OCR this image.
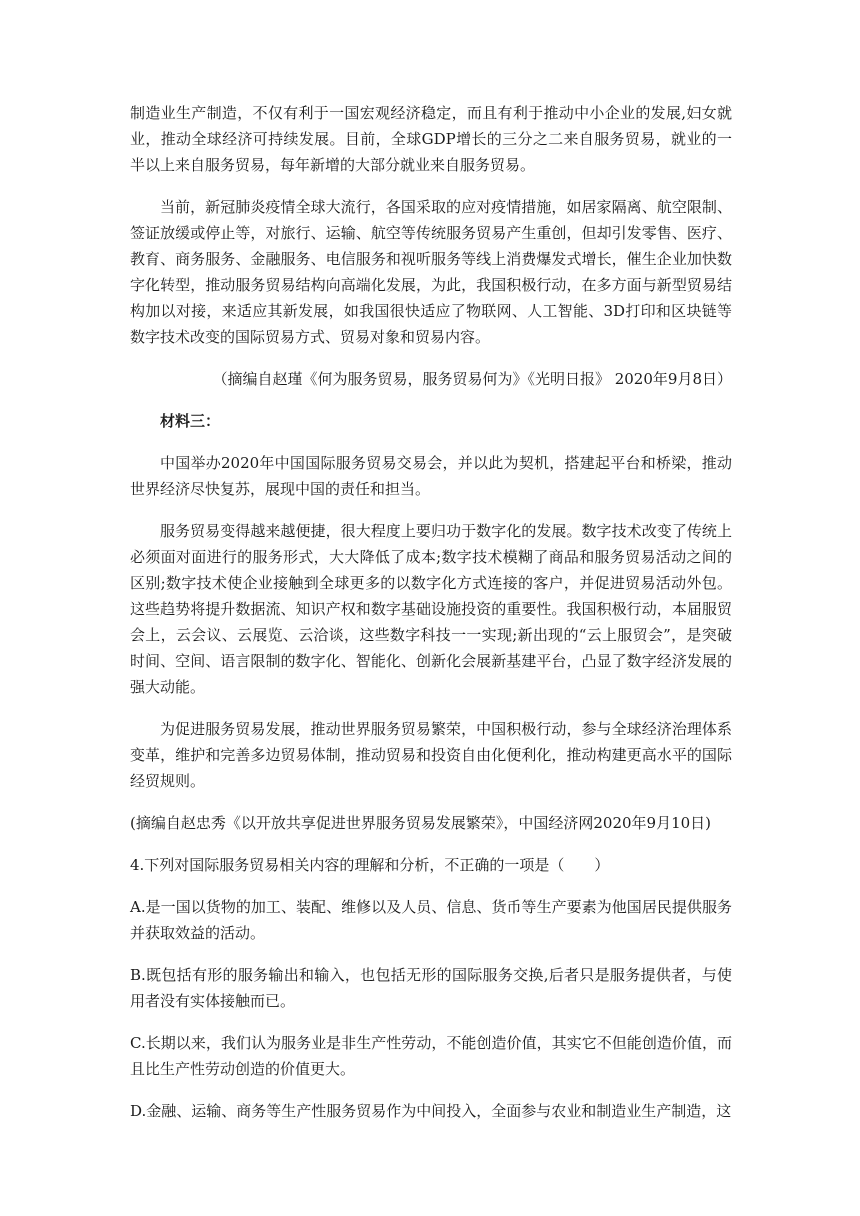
制造业生产制造，不仅有利于一国宏观经济稳定，而且有利于推动中小企业的发展,妇女就业，推动全球经济可持续发展。目前，全球GDP增长的三分之二来自服务贸易，就业的一半以上来自服务贸易，每年新增的大部分就业来自服务贸易。

当前，新冠肺炎疫情全球大流行，各国采取的应对疫情措施，如居家隔离、航空限制、签证放缓或停止等，对旅行、运输、航空等传统服务贸易产生重创，但却引发零售、医疗、教育、商务服务、金融服务、电信服务和视听服务等线上消费爆发式增长，催生企业加快数字化转型，推动服务贸易结构向高端化发展，为此，我国积极行动，在多方面与新型贸易结构加以对接，来适应其新发展，如我国很快适应了物联网、人工智能、3D打印和区块链等数字技术改变的国际贸易方式、贸易对象和贸易内容。

（摘编自赵瑾《何为服务贸易，服务贸易何为》《光明日报》 2020年9月8日）

材料三：

中国举办2020年中国国际服务贸易交易会，并以此为契机，搭建起平台和桥梁，推动世界经济尽快复苏，展现中国的责任和担当。

服务贸易变得越来越便捷，很大程度上要归功于数字化的发展。数字技术改变了传统上必须面对面进行的服务形式，大大降低了成本;数字技术模糊了商品和服务贸易活动之间的区别;数字技术使企业接触到全球更多的以数字化方式连接的客户，并促进贸易活动外包。这些趋势将提升数据流、知识产权和数字基础设施投资的重要性。我国积极行动，本届服贸会上，云会议、云展览、云洽谈，这些数字科技一一实现;新出现的“云上服贸会”，是突破时间、空间、语言限制的数字化、智能化、创新化会展新基建平台，凸显了数字经济发展的强大动能。

为促进服务贸易发展，推动世界服务贸易繁荣，中国积极行动，参与全球经济治理体系变革，维护和完善多边贸易体制，推动贸易和投资自由化便利化，推动构建更高水平的国际经贸规则。

(摘编自赵忠秀《以开放共享促进世界服务贸易发展繁荣》，中国经济网2020年9月10日)

4.下列对国际服务贸易相关内容的理解和分析，不正确的一项是（　　）

A.是一国以货物的加工、装配、维修以及人员、信息、货币等生产要素为他国居民提供服务并获取效益的活动。

B.既包括有形的服务输出和输入，也包括无形的国际服务交换,后者只是服务提供者，与使用者没有实体接触而已。

C.长期以来，我们认为服务业是非生产性劳动，不能创造价值，其实它不但能创造价值，而且比生产性劳动创造的价值更大。

D.金融、运输、商务等生产性服务贸易作为中间投入，全面参与农业和制造业生产制造，这
